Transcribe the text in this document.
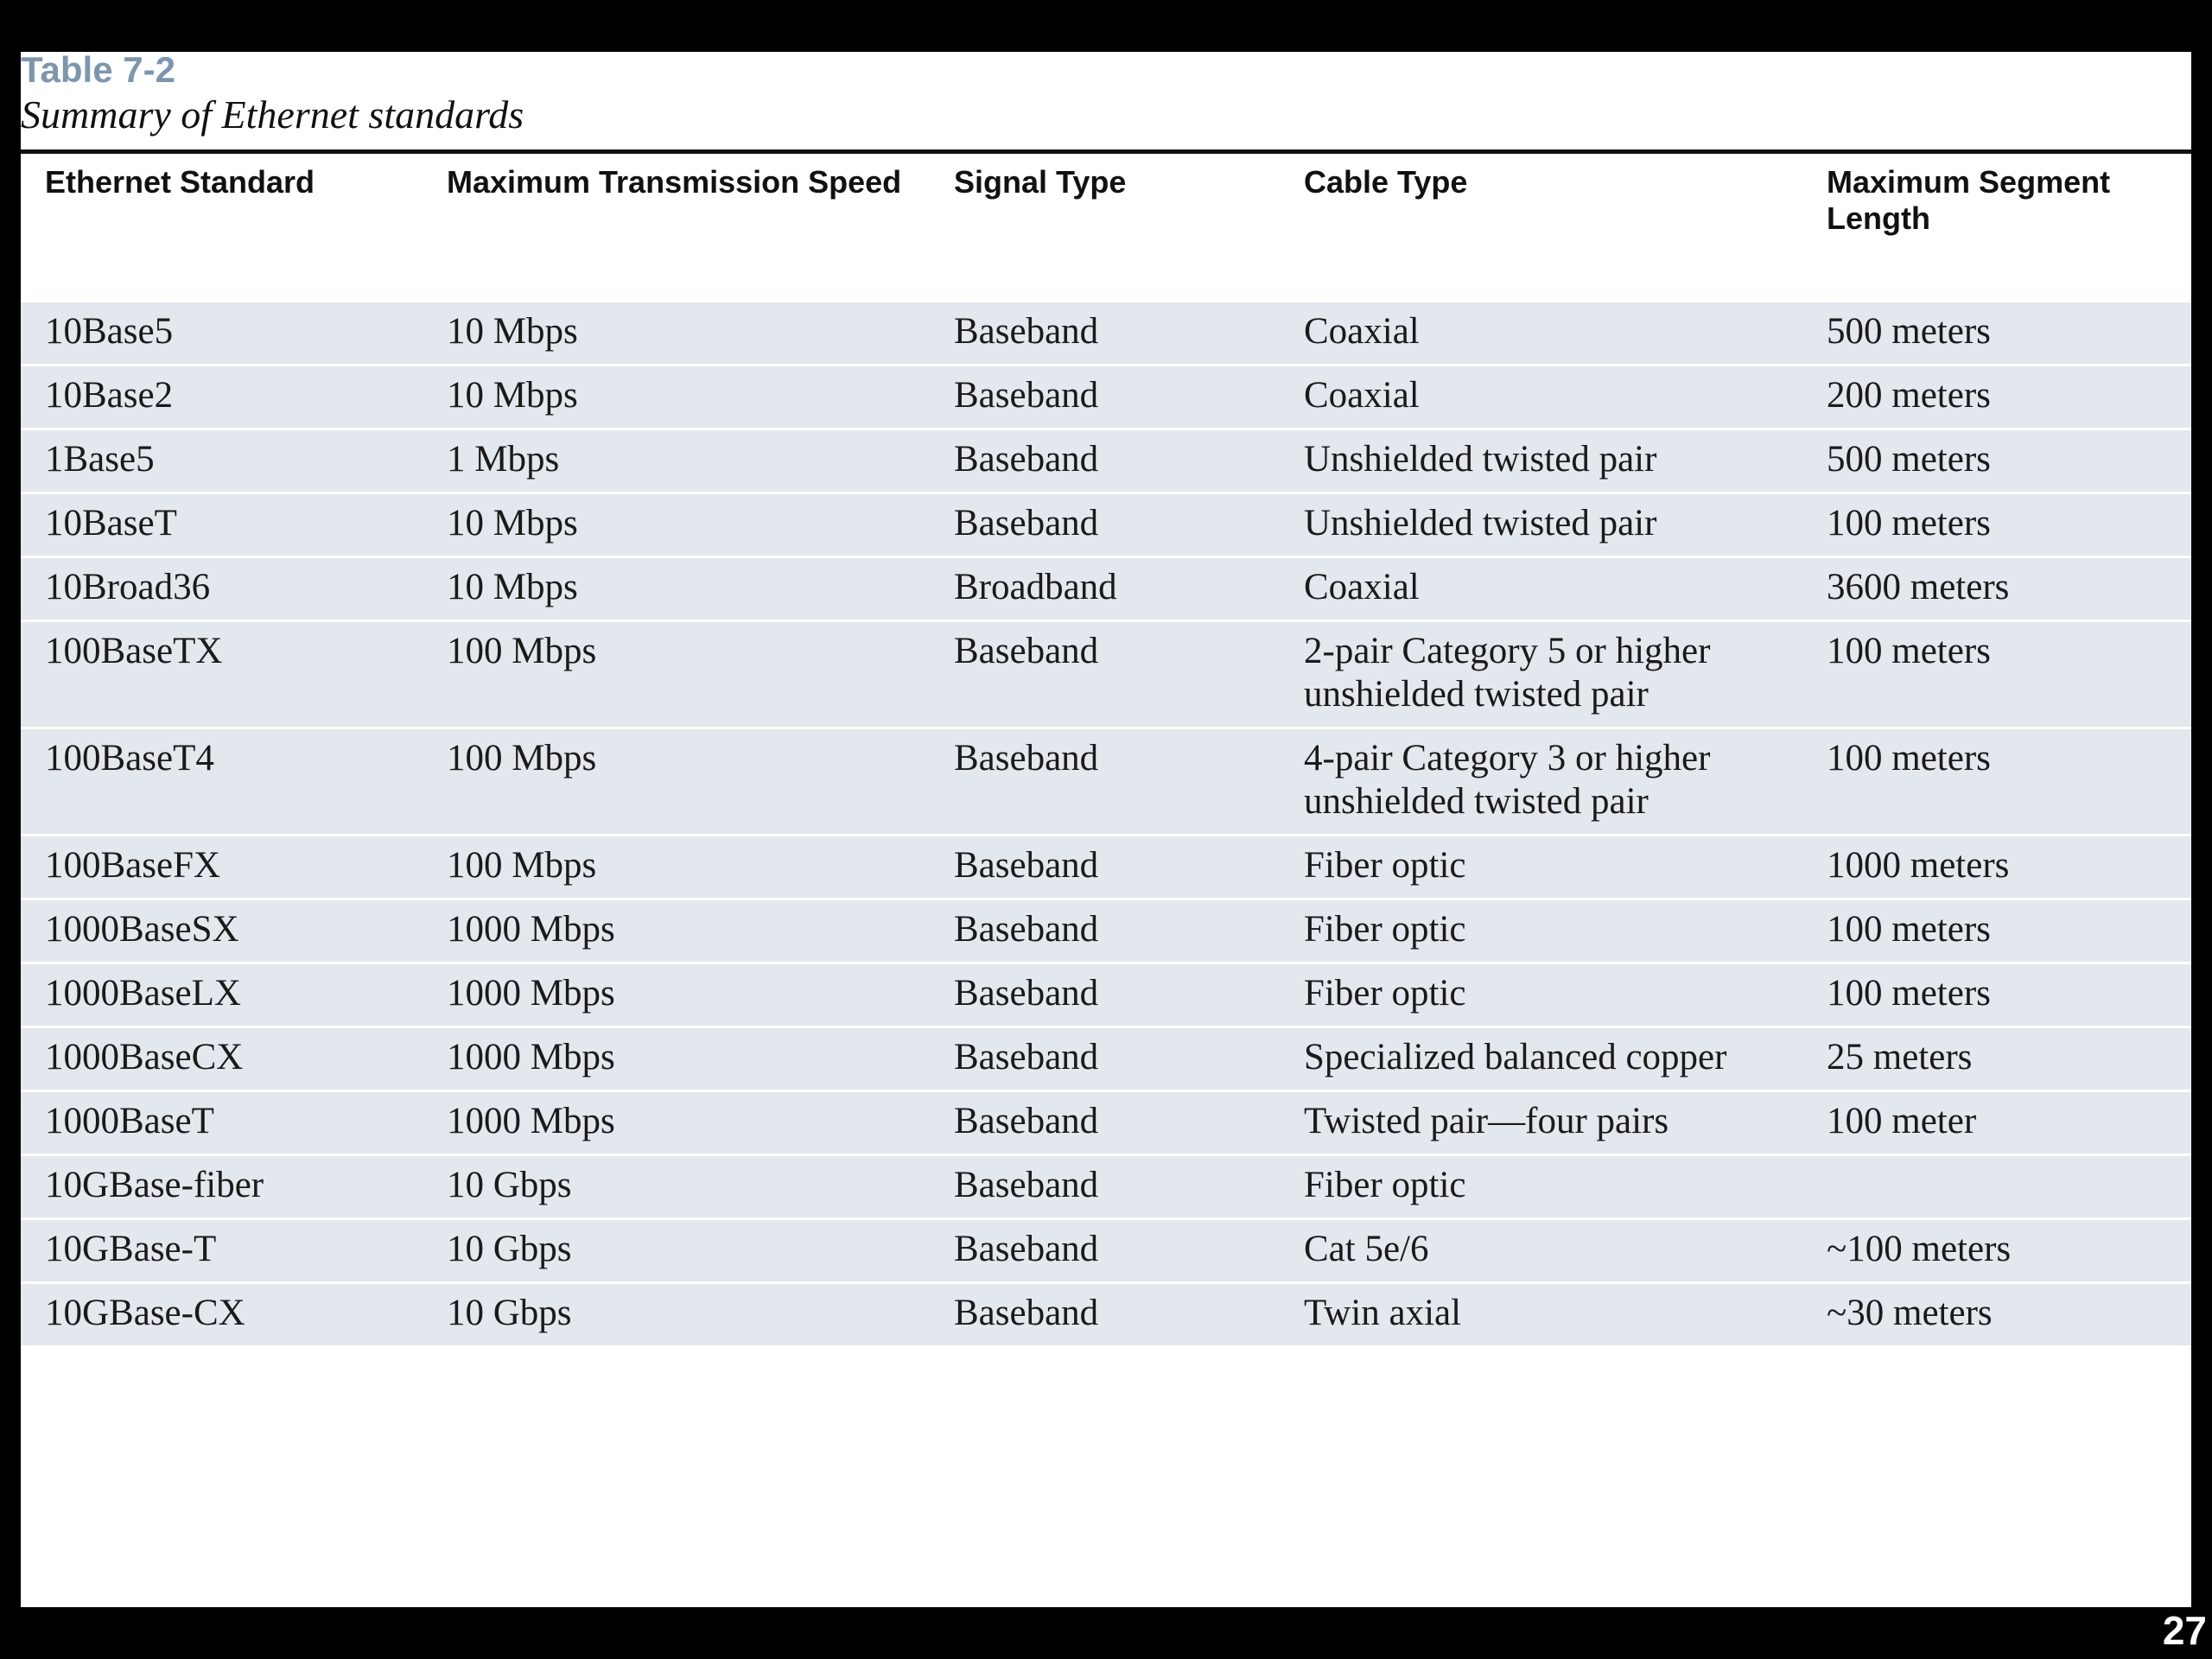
Table 7-2
Summary of Ethernet standards
Ethernet Standard	Maximum Transmission Speed	Signal Type	Cable Type	Maximum Segment Length
10Base5	10 Mbps	Baseband	Coaxial	500 meters
10Base2	10 Mbps	Baseband	Coaxial	200 meters
1Base5	1 Mbps	Baseband	Unshielded twisted pair	500 meters
10BaseT	10 Mbps	Baseband	Unshielded twisted pair	100 meters
10Broad36	10 Mbps	Broadband	Coaxial	3600 meters
100BaseTX	100 Mbps	Baseband	2-pair Category 5 or higher unshielded twisted pair	100 meters
100BaseT4	100 Mbps	Baseband	4-pair Category 3 or higher unshielded twisted pair	100 meters
100BaseFX	100 Mbps	Baseband	Fiber optic	1000 meters
1000BaseSX	1000 Mbps	Baseband	Fiber optic	100 meters
1000BaseLX	1000 Mbps	Baseband	Fiber optic	100 meters
1000BaseCX	1000 Mbps	Baseband	Specialized balanced copper	25 meters
1000BaseT	1000 Mbps	Baseband	Twisted pair—four pairs	100 meter
10GBase-fiber	10 Gbps	Baseband	Fiber optic	
10GBase-T	10 Gbps	Baseband	Cat 5e/6	~100 meters
10GBase-CX	10 Gbps	Baseband	Twin axial	~30 meters
27
